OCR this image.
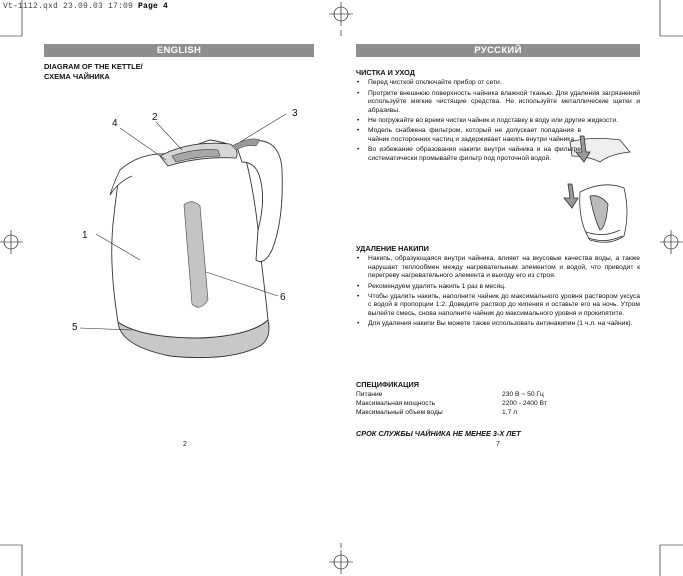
Vt-1112.qxd 23.09.03 17:09 Page 4
ENGLISH	РУССКИЙ
DIAGRAM OF THE KETTLE/
СХЕМА ЧАЙНИКА
1
2	3
4
5
6
ЧИСТКА И УХОД
• Перед чисткой отключайте прибор от сети.
• Протрите внешнюю поверхность чайника влажной тканью. Для удаления загрязнений используйте мягкие чистящие средства. Не используйте металлические щетки и абразивы.
• Не погружайте во время чистки чайник и подставку в воду или другие жидкости.
• Модель снабжена фильтром, который не допускает попадания в чайник посторонних частиц и задерживает накипь внутри чайника.
• Во избежание образования накипи внутри чайника и на фильтре систематически промывайте фильтр под проточной водой.
УДАЛЕНИЕ НАКИПИ
• Накипь, образующаяся внутри чайника, влияет на вкусовые качества воды, а также нарушает теплообмен между нагревательным элементом и водой, что приводит к перегреву нагревательного элемента и выходу его из строя.
• Рекомендуем удалять накипь 1 раз в месяц.
• Чтобы удалить накипь, наполните чайник до максимального уровня раствором уксуса с водой в пропорции 1:2. Доведите раствор до кипения и оставьте его на ночь. Утром вылейте смесь, снова наполните чайник до максимального уровня и прокипятите.
• Для удаления накипи Вы можете также использовать антинакипин (1 ч.л. на чайник).
СПЕЦИФИКАЦИЯ
Питание	230 В ~ 50 Гц
Максимальная мощность	2200 - 2400 Вт
Максимальный объем воды	1,7 л
СРОК СЛУЖБЫ ЧАЙНИКА НЕ МЕНЕЕ 3-Х ЛЕТ
2	7
